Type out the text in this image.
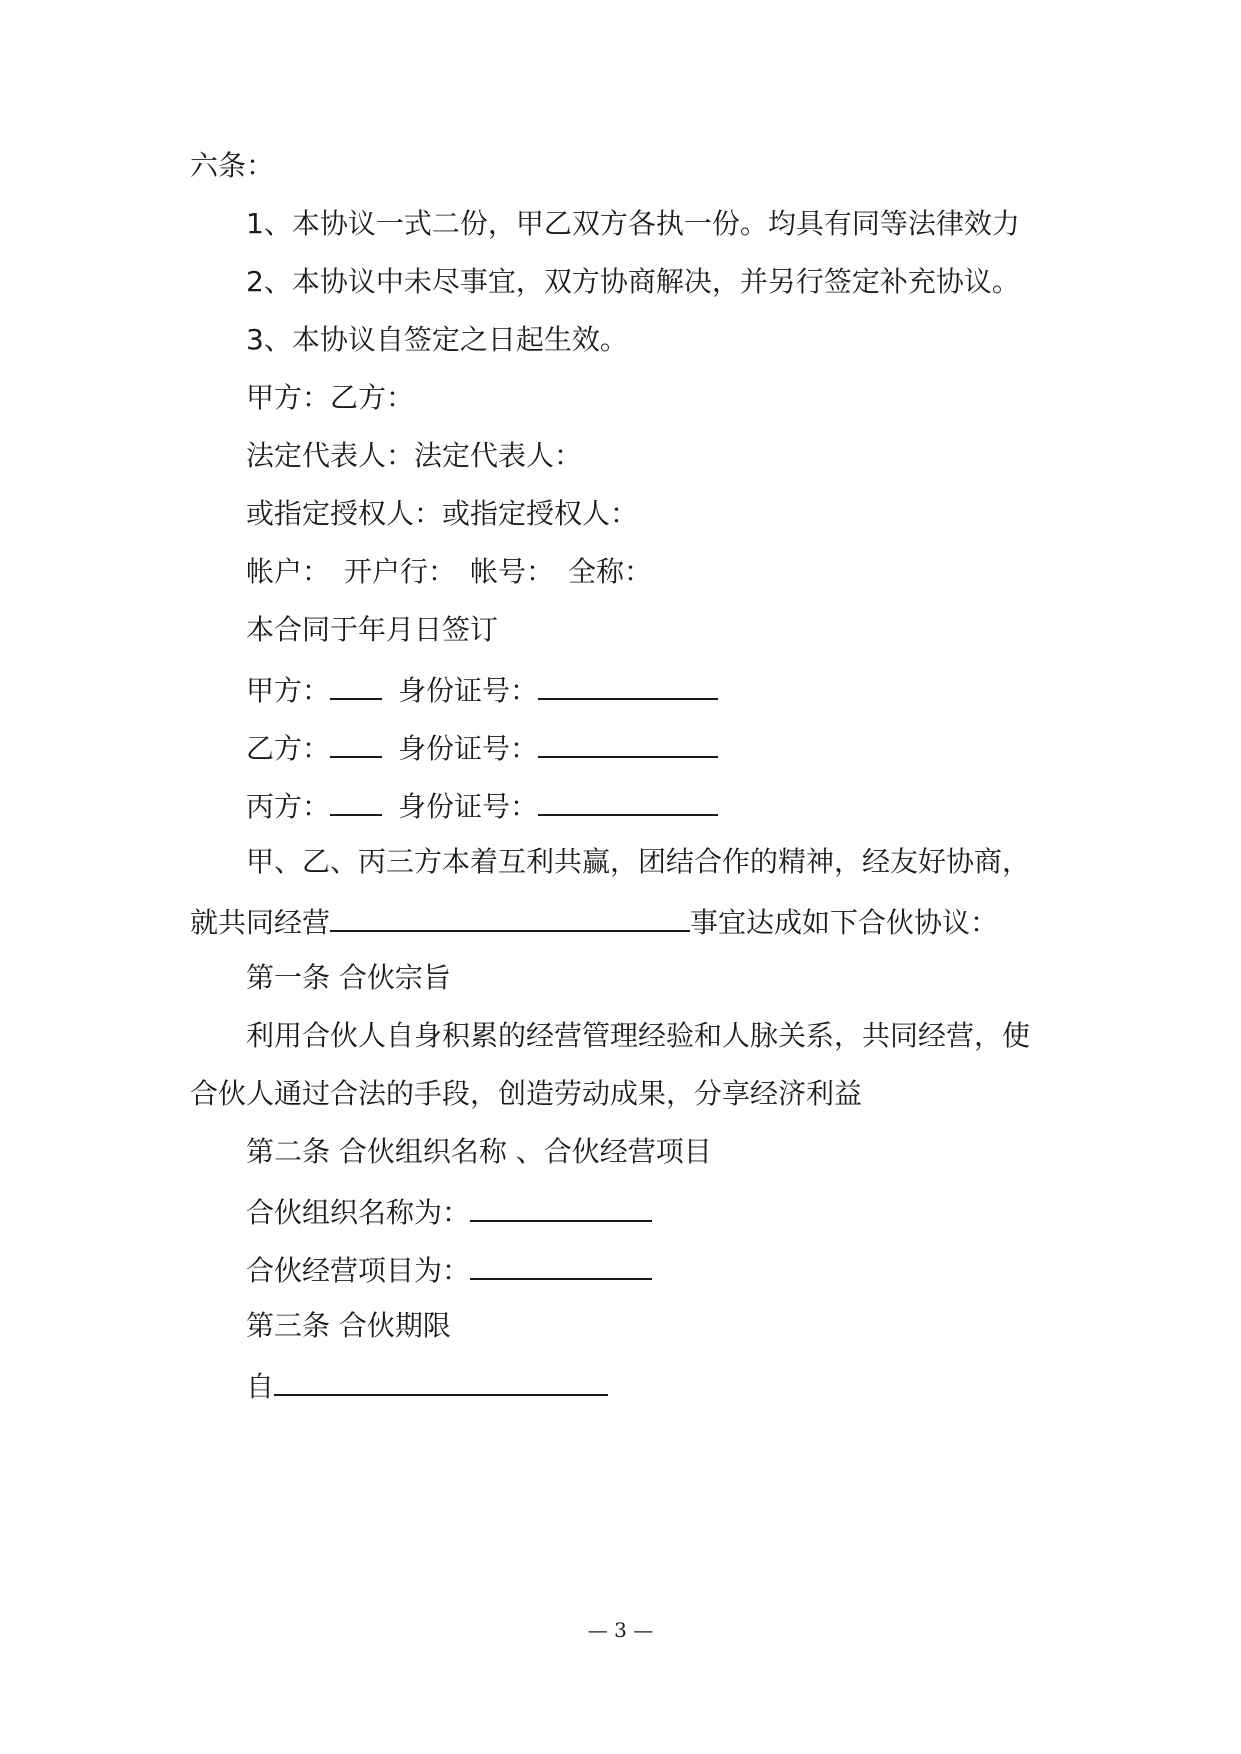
六条：
1、本协议一式二份，甲乙双方各执一份。均具有同等法律效力
2、本协议中未尽事宜，双方协商解决，并另行签定补充协议。
3、本协议自签定之日起生效。
甲方：乙方：
法定代表人：法定代表人：
或指定授权人：或指定授权人：
帐户：　开户行：　帐号：　全称：
本合同于年月日签订
甲方： 身份证号：
乙方： 身份证号：
丙方： 身份证号：
甲、乙、丙三方本着互利共赢，团结合作的精神，经友好协商，
就共同经营	事宜达成如下合伙协议：
第一条 合伙宗旨
利用合伙人自身积累的经营管理经验和人脉关系，共同经营，使
合伙人通过合法的手段，创造劳动成果，分享经济利益
第二条 合伙组织名称 、合伙经营项目
合伙组织名称为：
合伙经营项目为：
第三条 合伙期限
自
— 3 —
